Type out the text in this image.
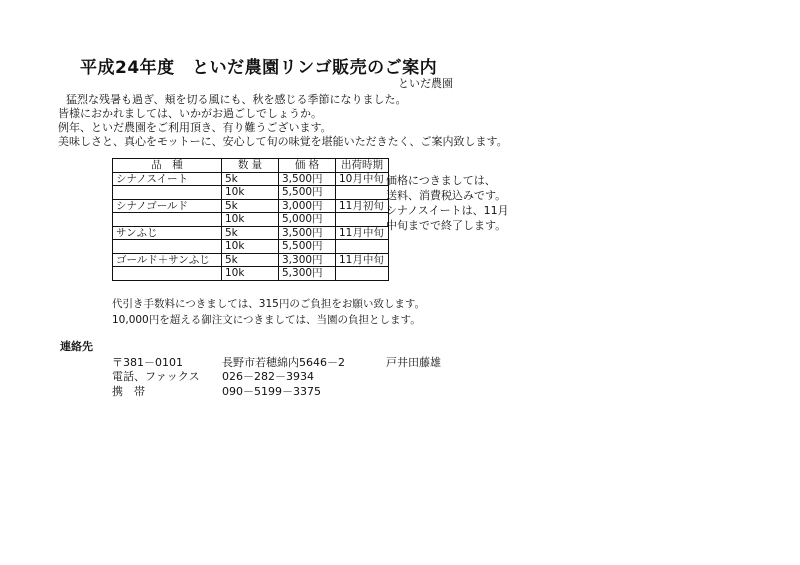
平成24年度　といだ農園リンゴ販売のご案内
といだ農園
猛烈な残暑も過ぎ、頬を切る風にも、秋を感じる季節になりました。
皆様におかれましては、いかがお過ごしでしょうか。
例年、といだ農園をご利用頂き、有り難うございます。
美味しさと、真心をモットーに、安心して旬の味覚を堪能いただきたく、ご案内致します。
品　種	数 量	価 格	出荷時期
シナノスイート	5k	3,500円	10月中旬
	10k	5,500円	
シナノゴールド	5k	3,000円	11月初旬
	10k	5,000円	
サンふじ	5k	3,500円	11月中旬
	10k	5,500円	
ゴールド＋サンふじ	5k	3,300円	11月中旬
	10k	5,300円	
価格につきましては、
送料、消費税込みです。
シナノスイートは、11月
中旬までで終了します。
代引き手数料につきましては、315円のご負担をお願い致します。
10,000円を超える御注文につきましては、当園の負担とします。
連絡先
〒381－0101	長野市若穂綿内5646－2	戸井田藤雄
電話、ファックス 026－282－3934
携　帯	090－5199－3375
